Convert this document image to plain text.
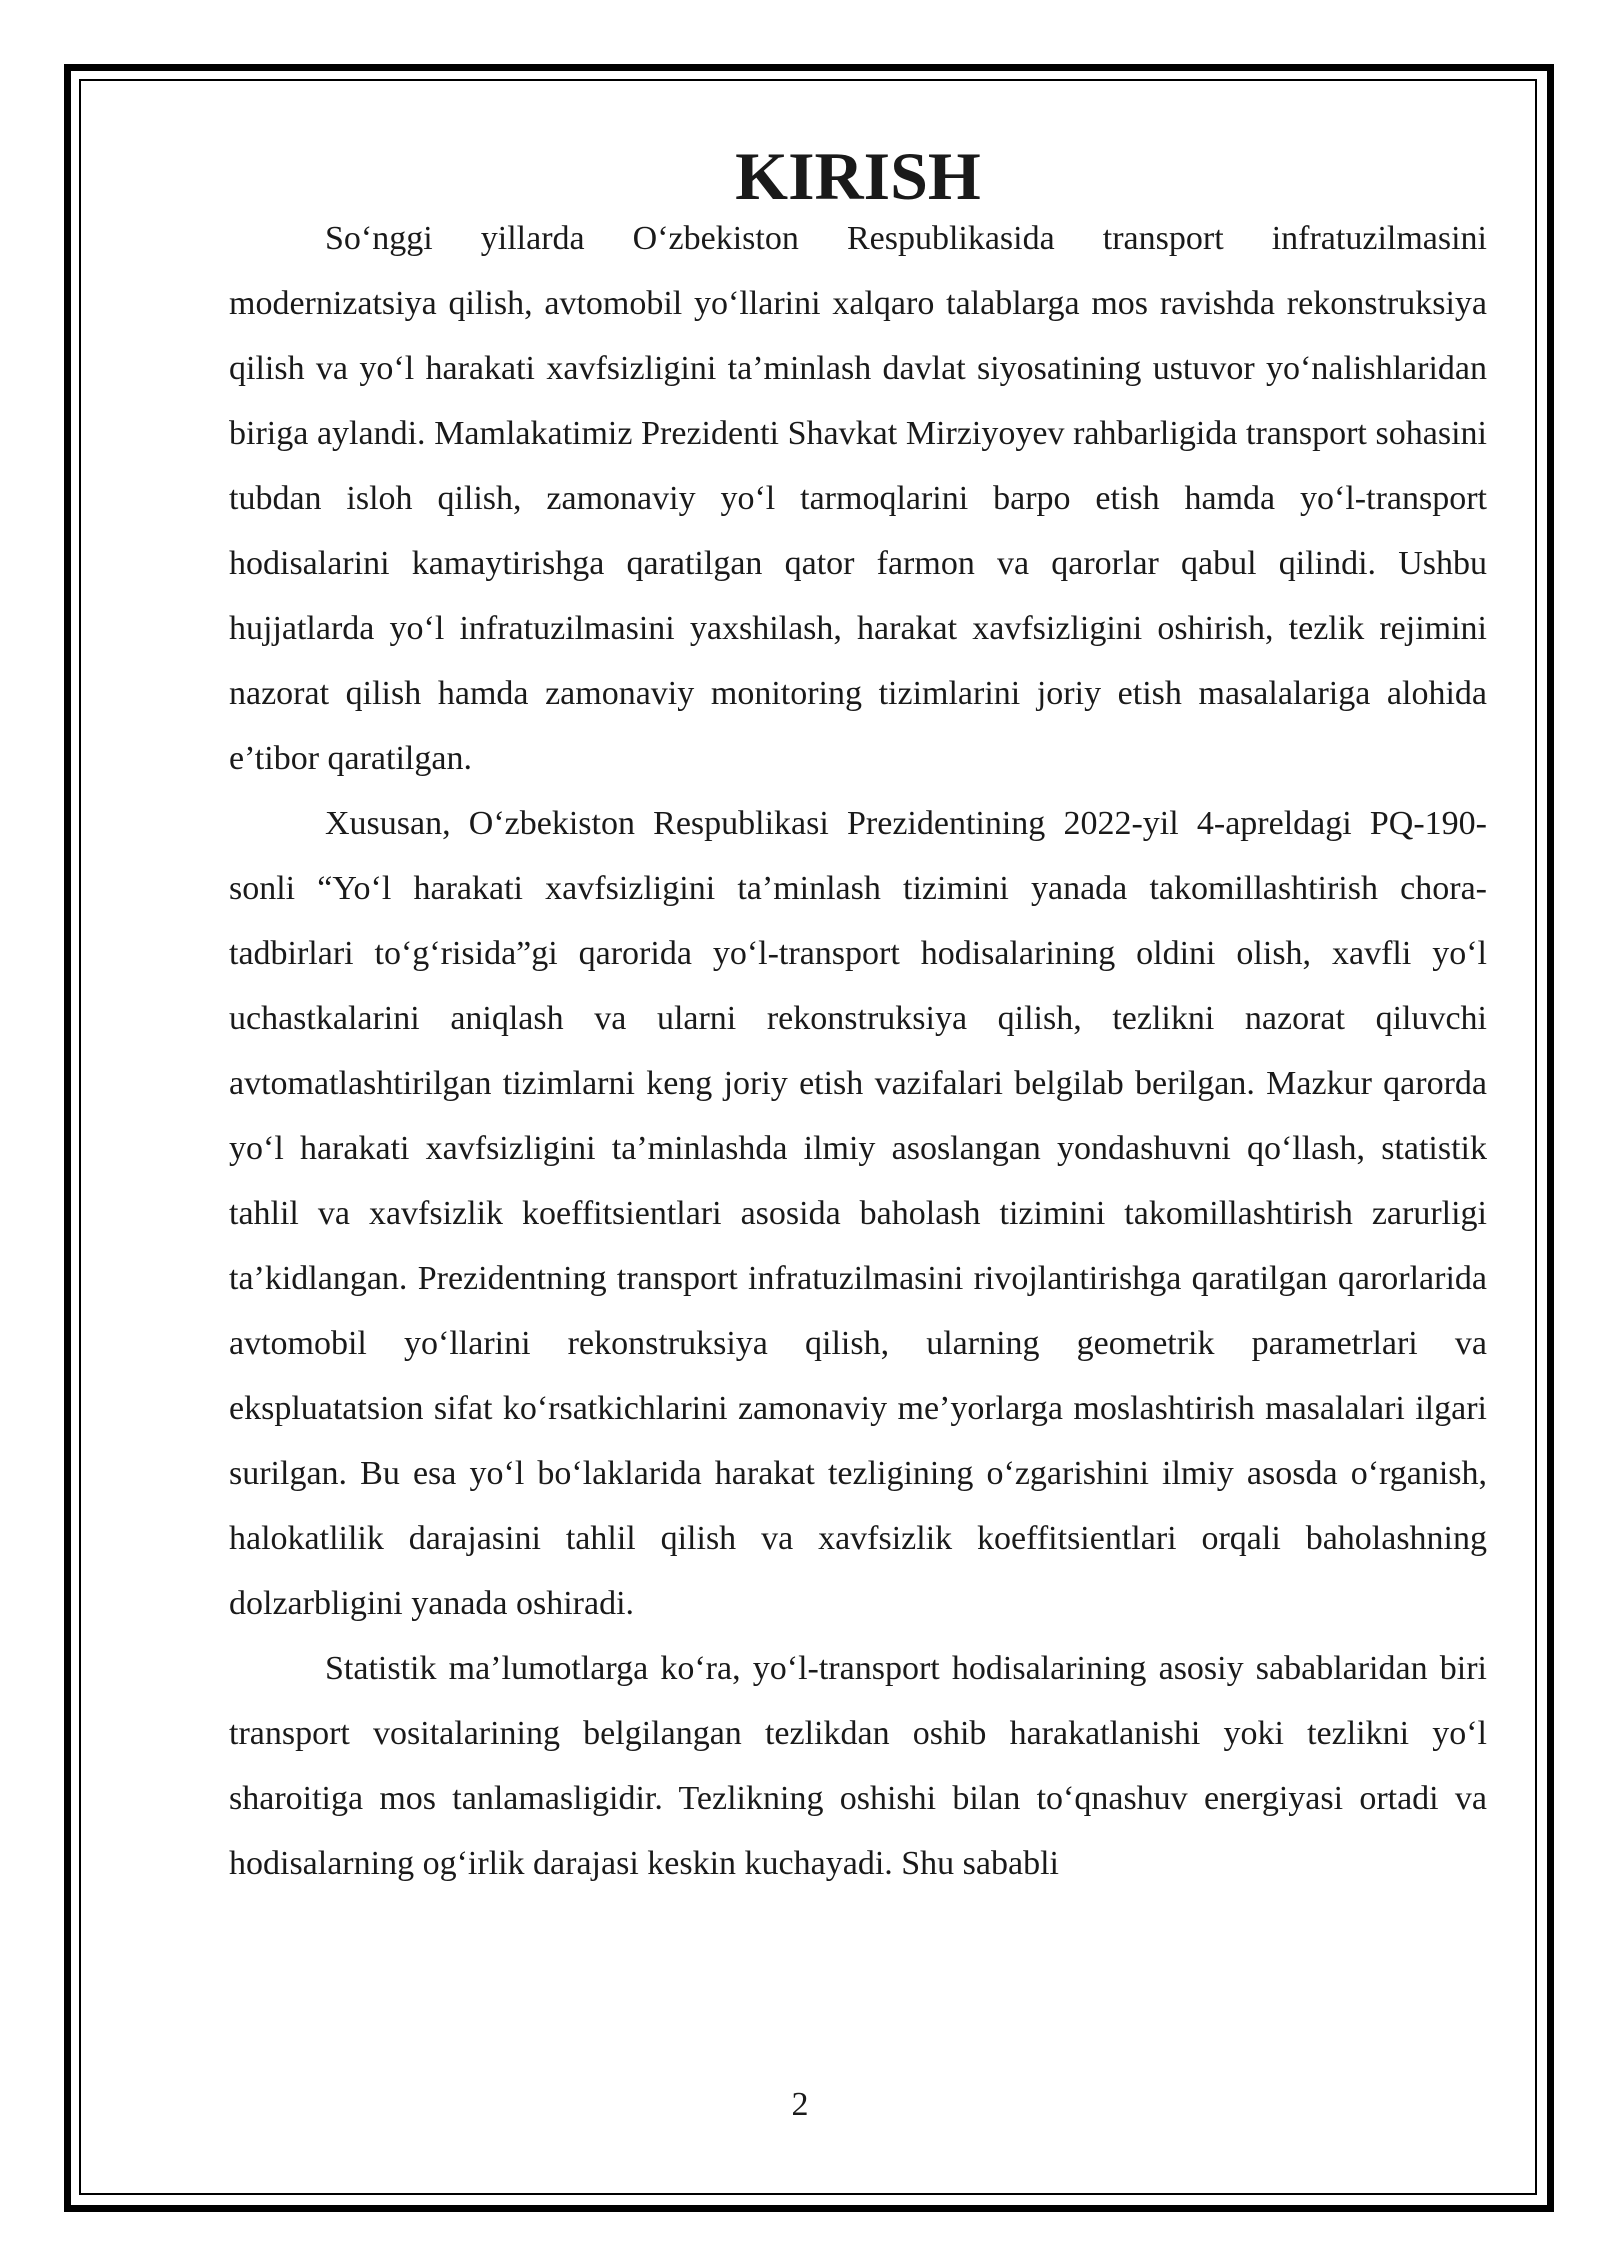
KIRISH

So‘nggi yillarda O‘zbekiston Respublikasida transport infratuzilmasini modernizatsiya qilish, avtomobil yo‘llarini xalqaro talablarga mos ravishda rekonstruksiya qilish va yo‘l harakati xavfsizligini ta’minlash davlat siyosatining ustuvor yo‘nalishlaridan biriga aylandi. Mamlakatimiz Prezidenti Shavkat Mirziyoyev rahbarligida transport sohasini tubdan isloh qilish, zamonaviy yo‘l tarmoqlarini barpo etish hamda yo‘l-transport hodisalarini kamaytirishga qaratilgan qator farmon va qarorlar qabul qilindi. Ushbu hujjatlarda yo‘l infratuzilmasini yaxshilash, harakat xavfsizligini oshirish, tezlik rejimini nazorat qilish hamda zamonaviy monitoring tizimlarini joriy etish masalalariga alohida e’tibor qaratilgan.

Xususan, O‘zbekiston Respublikasi Prezidentining 2022-yil 4-apreldagi PQ-190-sonli “Yo‘l harakati xavfsizligini ta’minlash tizimini yanada takomillashtirish chora-tadbirlari to‘g‘risida”gi qarorida yo‘l-transport hodisalarining oldini olish, xavfli yo‘l uchastkalarini aniqlash va ularni rekonstruksiya qilish, tezlikni nazorat qiluvchi avtomatlashtirilgan tizimlarni keng joriy etish vazifalari belgilab berilgan. Mazkur qarorda yo‘l harakati xavfsizligini ta’minlashda ilmiy asoslangan yondashuvni qo‘llash, statistik tahlil va xavfsizlik koeffitsientlari asosida baholash tizimini takomillashtirish zarurligi ta’kidlangan. Prezidentning transport infratuzilmasini rivojlantirishga qaratilgan qarorlarida avtomobil yo‘llarini rekonstruksiya qilish, ularning geometrik parametrlari va ekspluatatsion sifat ko‘rsatkichlarini zamonaviy me’yorlarga moslashtirish masalalari ilgari surilgan. Bu esa yo‘l bo‘laklarida harakat tezligining o‘zgarishini ilmiy asosda o‘rganish, halokatlilik darajasini tahlil qilish va xavfsizlik koeffitsientlari orqali baholashning dolzarbligini yanada oshiradi.

Statistik ma’lumotlarga ko‘ra, yo‘l-transport hodisalarining asosiy sabablaridan biri transport vositalarining belgilangan tezlikdan oshib harakatlanishi yoki tezlikni yo‘l sharoitiga mos tanlamasligidir. Tezlikning oshishi bilan to‘qnashuv energiyasi ortadi va hodisalarning og‘irlik darajasi keskin kuchayadi. Shu sababli

2
